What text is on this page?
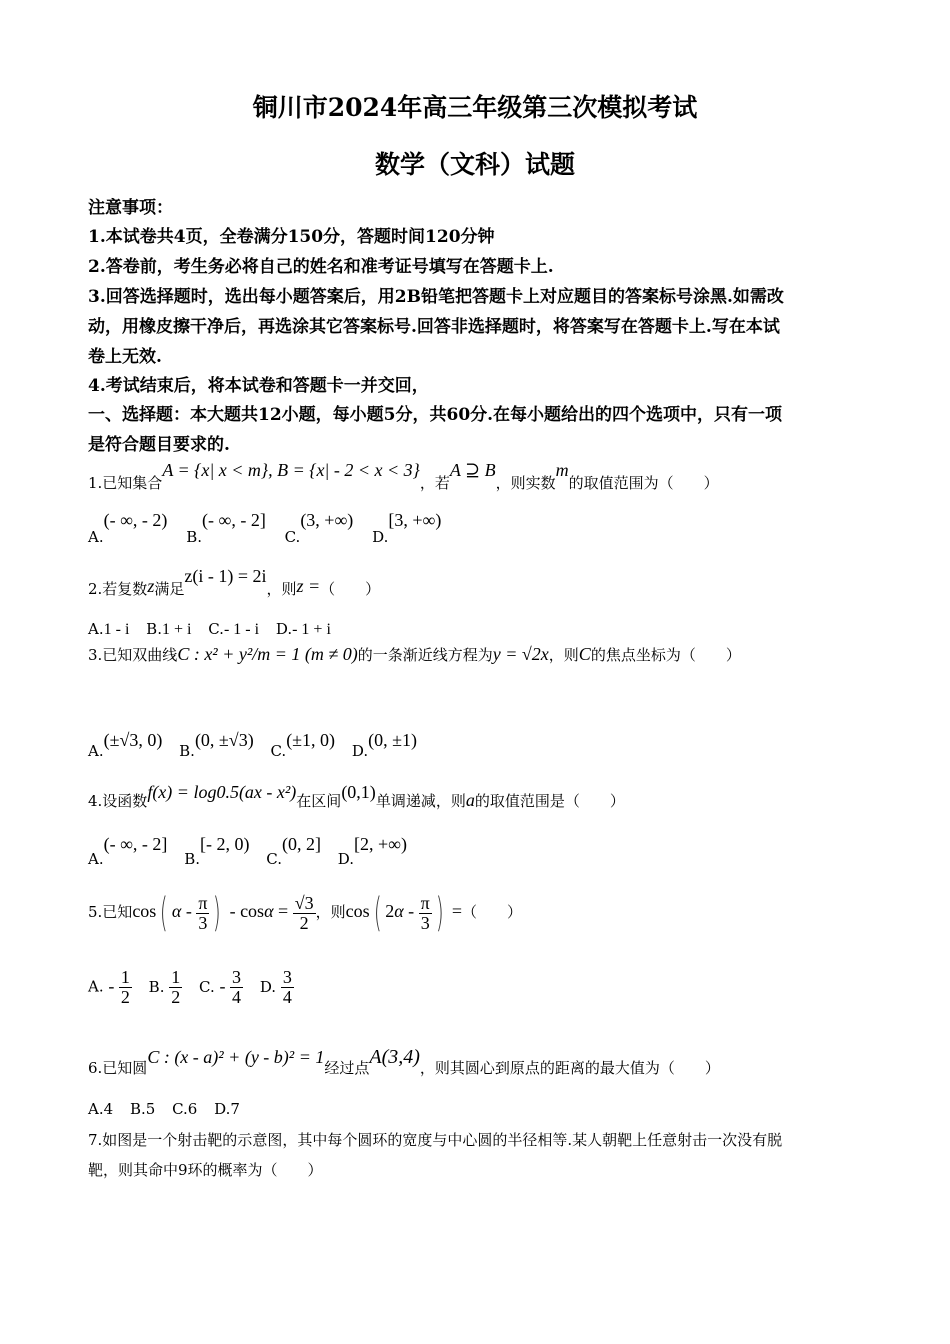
铜川市2024年高三年级第三次模拟考试
数学（文科）试题
注意事项：
1.本试卷共4页，全卷满分150分，答题时间120分钟
2.答卷前，考生务必将自己的姓名和准考证号填写在答题卡上.
3.回答选择题时，选出每小题答案后，用2B铅笔把答题卡上对应题目的答案标号涂黑.如需改
动，用橡皮擦干净后，再选涂其它答案标号.回答非选择题时，将答案写在答题卡上.写在本试
卷上无效.
4.考试结束后，将本试卷和答题卡一并交回，
一、选择题：本大题共12小题，每小题5分，共60分.在每小题给出的四个选项中，只有一项
是符合题目要求的.
1.已知集合A = {x| x < m}, B = {x| - 2 < x < 3}，若A ⊇ B，则实数m的取值范围为（　　）
A.(- ∞, - 2) B.(- ∞, - 2] C.(3, +∞) D.[3, +∞)
2.若复数z满足z(i - 1) = 2i，则z =（　　）
A.1 - i B.1 + i C.- 1 - i D.- 1 + i
3.已知双曲线C : x² + y²/m = 1 (m ≠ 0)的一条渐近线方程为y = √2x，则C的焦点坐标为（　　）
A.(±√3, 0) B.(0, ±√3) C.(±1, 0) D.(0, ±1)
4.设函数f(x) = log0.5(ax - x²)在区间(0,1)单调递减，则a的取值范围是（　　）
A.(- ∞, - 2] B.[- 2, 0) C.(0, 2] D.[2, +∞)
5.已知cos( α - $\frac{\pi}{3}$ ) - $\cos\alpha = \frac{√3}{2}$ ，则cos( $2\alpha - \frac{\pi}{3}$ ) =（　　）
A. - $\frac{1}{2} B$. $\frac{1}{2} C$. - $\frac{3}{4} D$. $\frac{3}{4}$
6.已知圆C : (x - a)² + (y - b)² = 1经过点A(3,4)，则其圆心到原点的距离的最大值为（　　）
A.4 B.5 C.6 D.7
7.如图是一个射击靶的示意图，其中每个圆环的宽度与中心圆的半径相等.某人朝靶上任意射击一次没有脱
靶，则其命中9环的概率为（　　）
